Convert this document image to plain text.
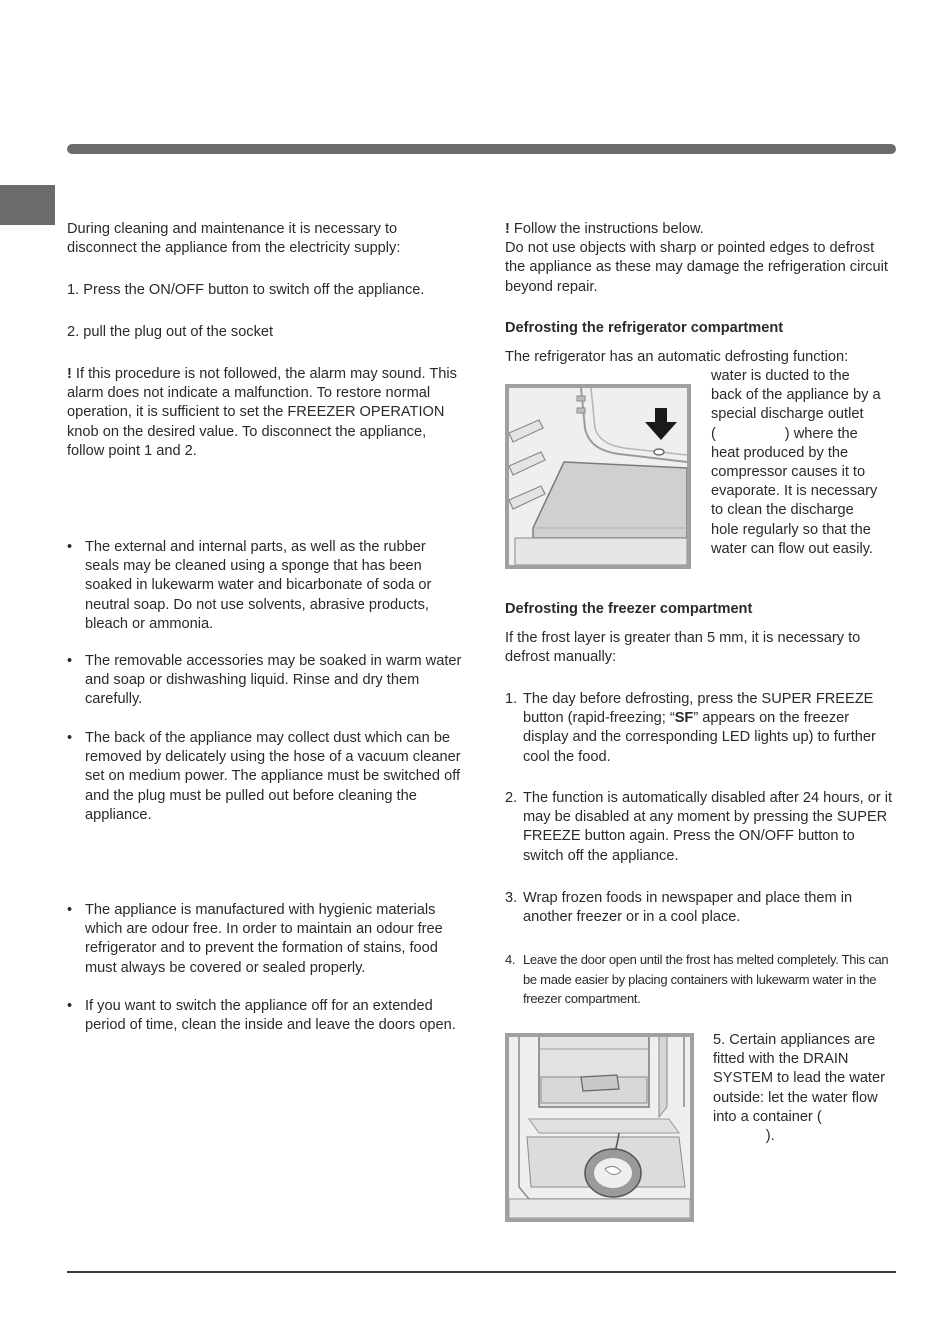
During cleaning and maintenance it is necessary to disconnect the appliance from the electricity supply:

1. Press the ON/OFF button to switch off the appliance.

2. pull the plug out of the socket

! If this procedure is not followed, the alarm may sound. This alarm does not indicate a malfunction. To restore normal operation, it is sufficient to set the FREEZER OPERATION knob on the desired value. To disconnect the appliance, follow point 1 and 2.

• The external and internal parts, as well as the rubber seals may be cleaned using a sponge that has been soaked in lukewarm water and bicarbonate of soda or neutral soap. Do not use solvents, abrasive products, bleach or ammonia.

• The removable accessories may be soaked in warm water and soap or dishwashing liquid. Rinse and dry them carefully.

• The back of the appliance may collect dust which can be removed by delicately using the hose of a vacuum cleaner set on medium power. The appliance must be switched off and the plug must be pulled out before cleaning the appliance.

• The appliance is manufactured with hygienic materials which are odour free. In order to maintain an odour free refrigerator and to prevent the formation of stains, food must always be covered or sealed properly.

• If you want to switch the appliance off for an extended period of time, clean the inside and leave the doors open.

! Follow the instructions below.

Do not use objects with sharp or pointed edges to defrost the appliance as these may damage the refrigeration circuit beyond repair.

Defrosting the refrigerator compartment
The refrigerator has an automatic defrosting function:

water is ducted to the

back of the appliance by a

special discharge outlet

(                 ) where the

heat produced by the

compressor causes it to

evaporate. It is necessary

to clean the discharge

hole regularly so that the

water can flow out easily.

Defrosting the freezer compartment
If the frost layer is greater than 5 mm, it is necessary to defrost manually:
1. The day before defrosting, press the SUPER FREEZE button (rapid-freezing; “SF” appears on the freezer display and the corresponding LED lights up) to further cool the food.

2. The function is automatically disabled after 24 hours, or it may be disabled at any moment by pressing the SUPER FREEZE button again. Press the ON/OFF button to switch off the appliance.

3. Wrap frozen foods in newspaper and place them in another freezer or in a cool place.

4. Leave the door open until the frost has melted completely. This can be made easier by placing containers with lukewarm water in the freezer compartment.

5. Certain appliances are

fitted with the DRAIN

SYSTEM to lead the water

outside: let the water flow

into a container (

).
